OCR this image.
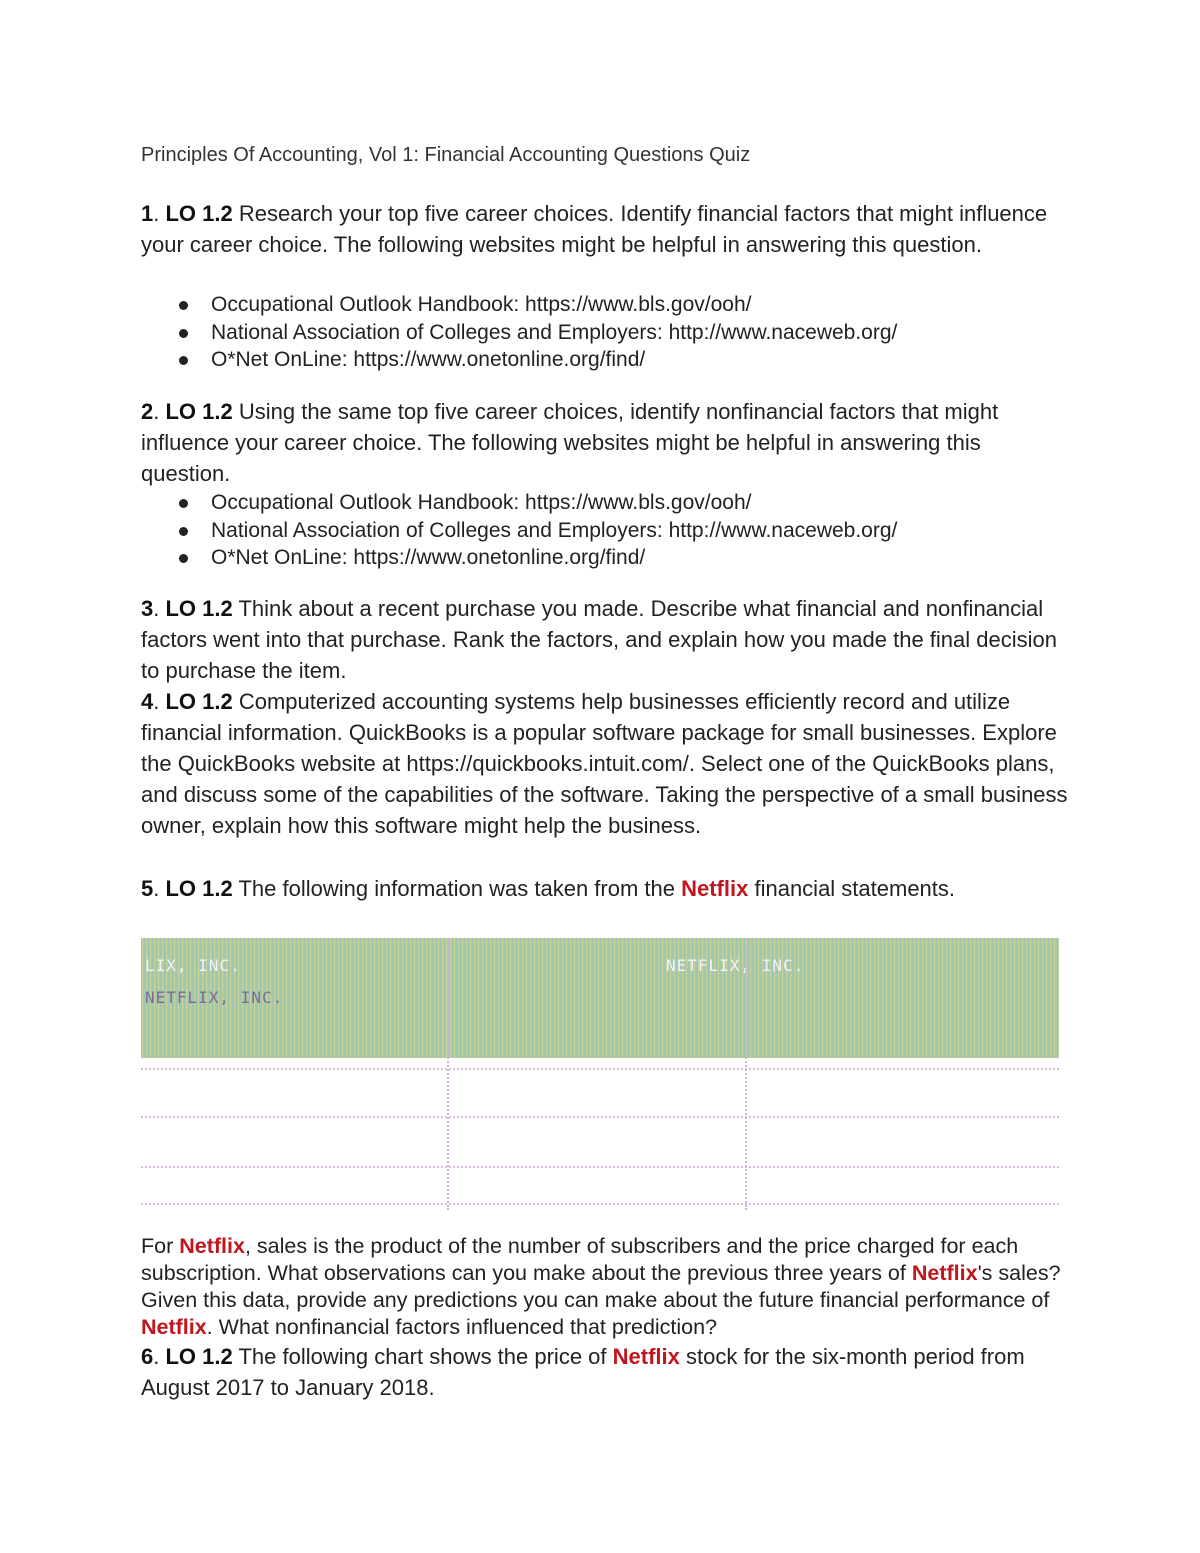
Principles Of Accounting, Vol 1: Financial Accounting Questions Quiz
1. LO 1.2 Research your top five career choices. Identify financial factors that might influence your career choice. The following websites might be helpful in answering this question.
Occupational Outlook Handbook: https://www.bls.gov/ooh/
National Association of Colleges and Employers: http://www.naceweb.org/
O*Net OnLine: https://www.onetonline.org/find/
2. LO 1.2 Using the same top five career choices, identify nonfinancial factors that might influence your career choice. The following websites might be helpful in answering this question.
Occupational Outlook Handbook: https://www.bls.gov/ooh/
National Association of Colleges and Employers: http://www.naceweb.org/
O*Net OnLine: https://www.onetonline.org/find/
3. LO 1.2 Think about a recent purchase you made. Describe what financial and nonfinancial factors went into that purchase. Rank the factors, and explain how you made the final decision to purchase the item.
4. LO 1.2 Computerized accounting systems help businesses efficiently record and utilize financial information. QuickBooks is a popular software package for small businesses. Explore the QuickBooks website at https://quickbooks.intuit.com/. Select one of the QuickBooks plans, and discuss some of the capabilities of the software. Taking the perspective of a small business owner, explain how this software might help the business.
5. LO 1.2 The following information was taken from the Netflix financial statements.
LIX, INC.	NETFLIX, INC.
NETFLIX, INC.
For Netflix, sales is the product of the number of subscribers and the price charged for each subscription. What observations can you make about the previous three years of Netflix's sales? Given this data, provide any predictions you can make about the future financial performance of Netflix. What nonfinancial factors influenced that prediction?
6. LO 1.2 The following chart shows the price of Netflix stock for the six-month period from August 2017 to January 2018.
